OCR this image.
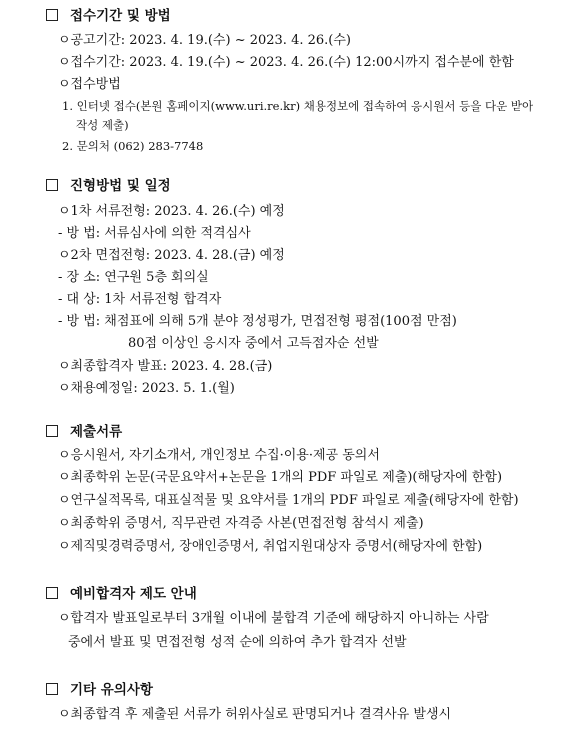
접수기간 및 방법
ㅇ공고기간: 2023. 4. 19.(수) ~ 2023. 4. 26.(수)
ㅇ접수기간: 2023. 4. 19.(수) ~ 2023. 4. 26.(수) 12:00시까지 접수분에 한함
ㅇ접수방법
1. 인터넷 접수(본원 홈페이지(www.uri.re.kr) 채용정보에 접속하여 응시원서 등을 다운 받아
작성 제출)
2. 문의처 (062) 283-7748
진형방법 및 일정
ㅇ1차 서류전형: 2023. 4. 26.(수) 예정
- 방 법: 서류심사에 의한 적격심사
ㅇ2차 면접전형: 2023. 4. 28.(금) 예정
- 장 소: 연구원 5층 회의실
- 대 상: 1차 서류전형 합격자
- 방 법: 채점표에 의해 5개 분야 정성평가, 면접전형 평점(100점 만점)
80점 이상인 응시자 중에서 고득점자순 선발
ㅇ최종합격자 발표: 2023. 4. 28.(금)
ㅇ채용예정일: 2023. 5. 1.(월)
제출서류
ㅇ응시원서, 자기소개서, 개인정보 수집·이용·제공 동의서
ㅇ최종학위 논문(국문요약서+논문을 1개의 PDF 파일로 제출)(해당자에 한함)
ㅇ연구실적목록, 대표실적물 및 요약서를 1개의 PDF 파일로 제출(해당자에 한함)
ㅇ최종학위 증명서, 직무관련 자격증 사본(면접전형 참석시 제출)
ㅇ제직및경력증명서, 장애인증명서, 취업지원대상자 증명서(해당자에 한함)
예비합격자 제도 안내
ㅇ합격자 발표일로부터 3개월 이내에 불합격 기준에 해당하지 아니하는 사람
중에서 발표 및 면접전형 성적 순에 의하여 추가 합격자 선발
기타 유의사항
ㅇ최종합격 후 제출된 서류가 허위사실로 판명되거나 결격사유 발생시
